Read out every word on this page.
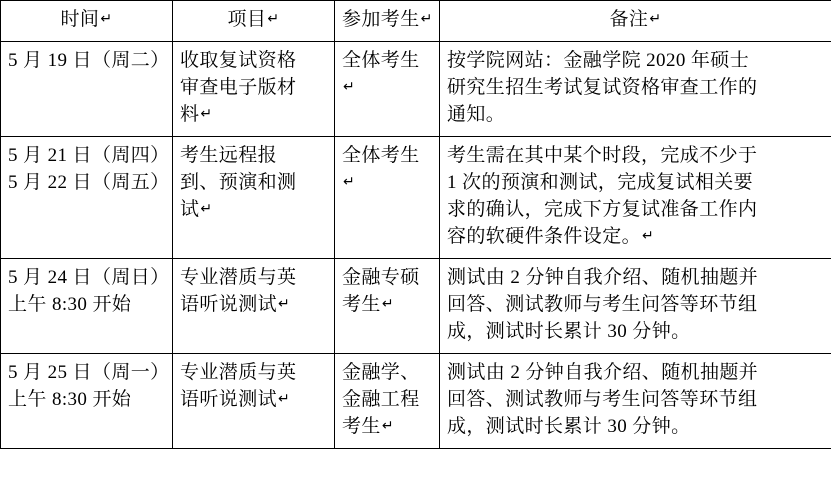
时间↵	项目↵	参加考生↵	备注↵

5 月 19 日（周二）	收取复试资格
审查电子版材
料↵	全体考生↵	按学院网站：金融学院 2020 年硕士
研究生招生考试复试资格审查工作的
通知。

5 月 21 日（周四）
5 月 22 日（周五）	考生远程报
到、预演和测
试↵	全体考生↵	考生需在其中某个时段，完成不少于
1 次的预演和测试，完成复试相关要
求的确认，完成下方复试准备工作内
容的软硬件条件设定。↵

5 月 24 日（周日）
上午 8:30 开始	专业潜质与英
语听说测试↵	金融专硕
考生↵	测试由 2 分钟自我介绍、随机抽题并
回答、测试教师与考生问答等环节组
成，测试时长累计 30 分钟。

5 月 25 日（周一）
上午 8:30 开始	专业潜质与英
语听说测试↵	金融学、
金融工程
考生↵	测试由 2 分钟自我介绍、随机抽题并
回答、测试教师与考生问答等环节组
成，测试时长累计 30 分钟。
